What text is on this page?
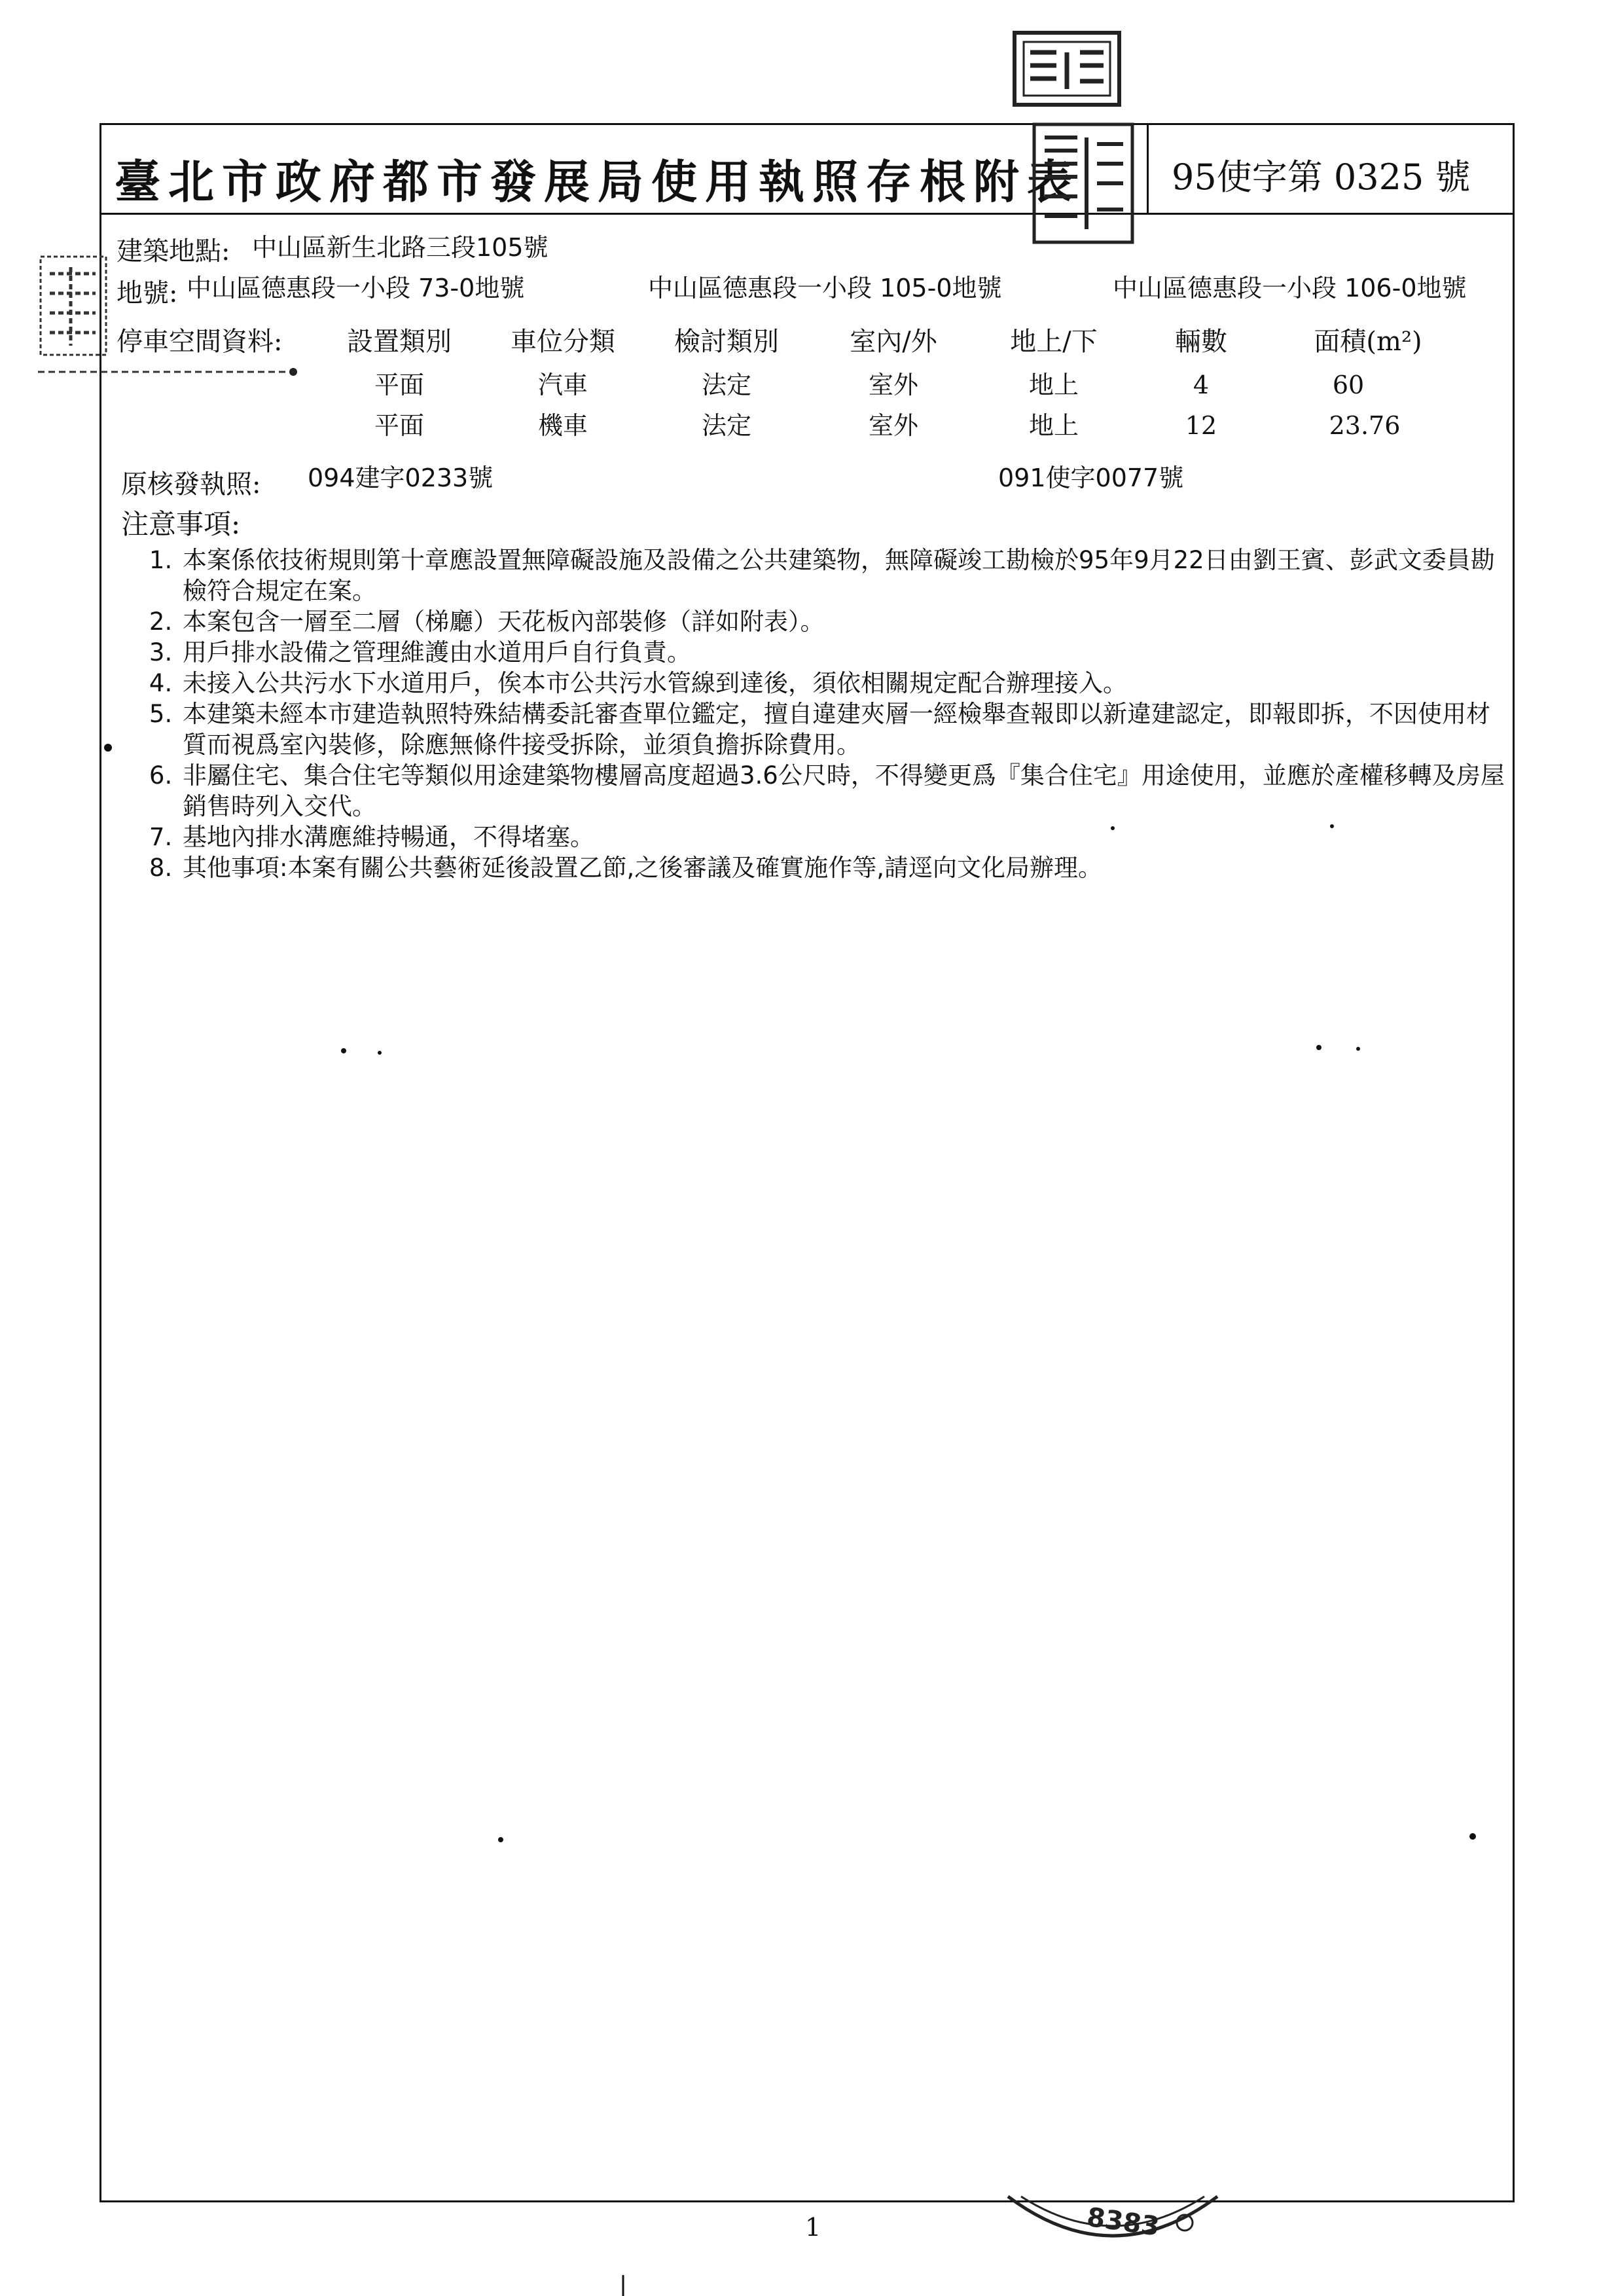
臺北市政府都市發展局使用執照存根附表	95使字第 0325 號
建築地點: 中山區新生北路三段105號
地號: 中山區德惠段一小段 73-0地號	中山區德惠段一小段 105-0地號	中山區德惠段一小段 106-0地號
停車空間資料:	設置類別	車位分類	檢討類別	室內/外	地上/下	輛數	面積(m²)
平面	汽車	法定	室外	地上	4	60
平面	機車	法定	室外	地上	12	23.76
原核發執照: 094建字0233號	091使字0077號
注意事項:
1. 本案係依技術規則第十章應設置無障礙設施及設備之公共建築物，無障礙竣工勘檢於95年9月22日由劉王賓、彭武文委員勘檢符合規定在案。
2. 本案包含一層至二層（梯廳）天花板內部裝修（詳如附表）。
3. 用戶排水設備之管理維護由水道用戶自行負責。
4. 未接入公共污水下水道用戶，俟本市公共污水管線到達後，須依相關規定配合辦理接入。
5. 本建築未經本市建造執照特殊結構委託審查單位鑑定，擅自違建夾層一經檢舉查報即以新違建認定，即報即拆，不因使用材質而視爲室內裝修，除應無條件接受拆除，並須負擔拆除費用。
6. 非屬住宅、集合住宅等類似用途建築物樓層高度超過3.6公尺時，不得變更爲『集合住宅』用途使用，並應於產權移轉及房屋銷售時列入交代。
7. 基地內排水溝應維持暢通，不得堵塞。
8. 其他事項:本案有關公共藝術延後設置乙節,之後審議及確實施作等,請逕向文化局辦理。
8383
1
